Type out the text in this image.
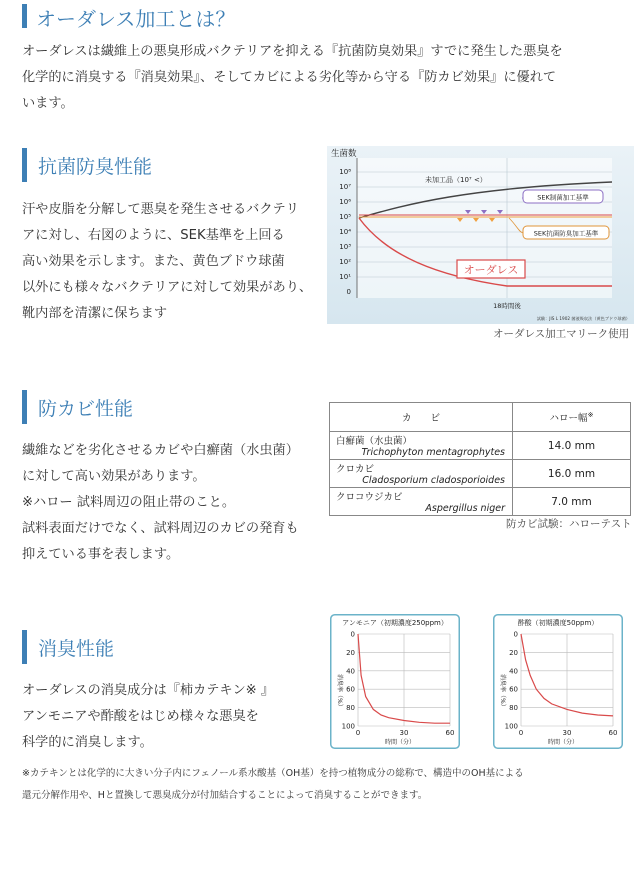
オーダレス加工とは？
オーダレスは繊維上の悪臭形成バクテリアを抑える『抗菌防臭効果』すでに発生した悪臭を
化学的に消臭する『消臭効果』、そしてカビによる劣化等から守る『防カビ効果』に優れて
います。
抗菌防臭性能
汗や皮脂を分解して悪臭を発生させるバクテリ
アに対し、右図のように、SEK基準を上回る
高い効果を示します。また、黄色ブドウ球菌
以外にも様々なバクテリアに対して効果があり、
靴内部を清潔に保ちます
生菌数
10⁸
10⁷
10⁶
10⁵
10⁴
10³
10²
10¹
0
未加工品（10⁷ <）
SEK制菌加工基準
SEK抗菌防臭加工基準
オーダレス
18時間後
試験：JIS L 1902 菌液吸収法（黄色ブドウ球菌）
オーダレス加工マリーク使用
防カビ性能
繊維などを劣化させるカビや白癬菌（水虫菌）
に対して高い効果があります。
※ハロー 試料周辺の阻止帯のこと。
試料表面だけでなく、試料周辺のカビの発育も
抑えている事を表します。
カ　　ビ	ハロー幅※

白癬菌（水虫菌）
Trichophyton mentagrophytes	14.0 mm

クロカビ
Cladosporium cladosporioides	16.0 mm

クロコウジカビ
Aspergillus niger	7.0 mm
防カビ試験：ハローテスト
消臭性能
オーダレスの消臭成分は『柿カテキン※ 』
アンモニアや酢酸をはじめ様々な悪臭を
科学的に消臭します。
アンモニア（初期濃度250ppm）
0
20
40
60
80
100
0	30	60
消臭率（%）
時間（分）
酢酸（初期濃度50ppm）
0
20
40
60
80
100
0	30	60
消臭率（%）
時間（分）
※カテキンとは化学的に大きい分子内にフェノール系水酸基（OH基）を持つ植物成分の総称で、構造中のOH基による
還元分解作用や、Hと置換して悪臭成分が付加結合することによって消臭することができます。
